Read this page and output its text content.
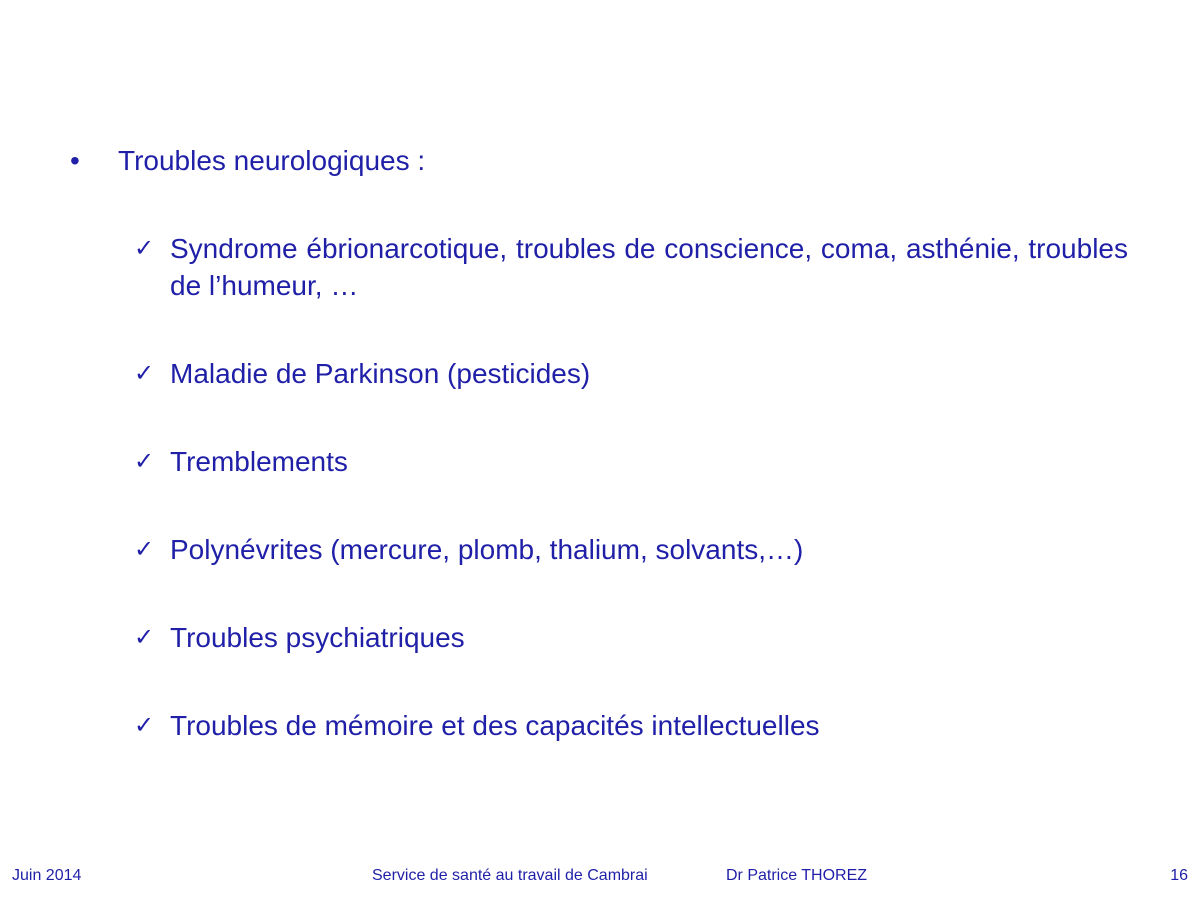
•	Troubles neurologiques :
✓ Syndrome ébrionarcotique, troubles de conscience, coma, asthénie, troubles de l’humeur, …
✓ Maladie de Parkinson (pesticides)
✓ Tremblements
✓ Polynévrites (mercure, plomb, thalium, solvants,…)
✓ Troubles psychiatriques
✓ Troubles de mémoire et des capacités intellectuelles
Juin 2014	Service de santé au travail de Cambrai	Dr Patrice THOREZ	16
